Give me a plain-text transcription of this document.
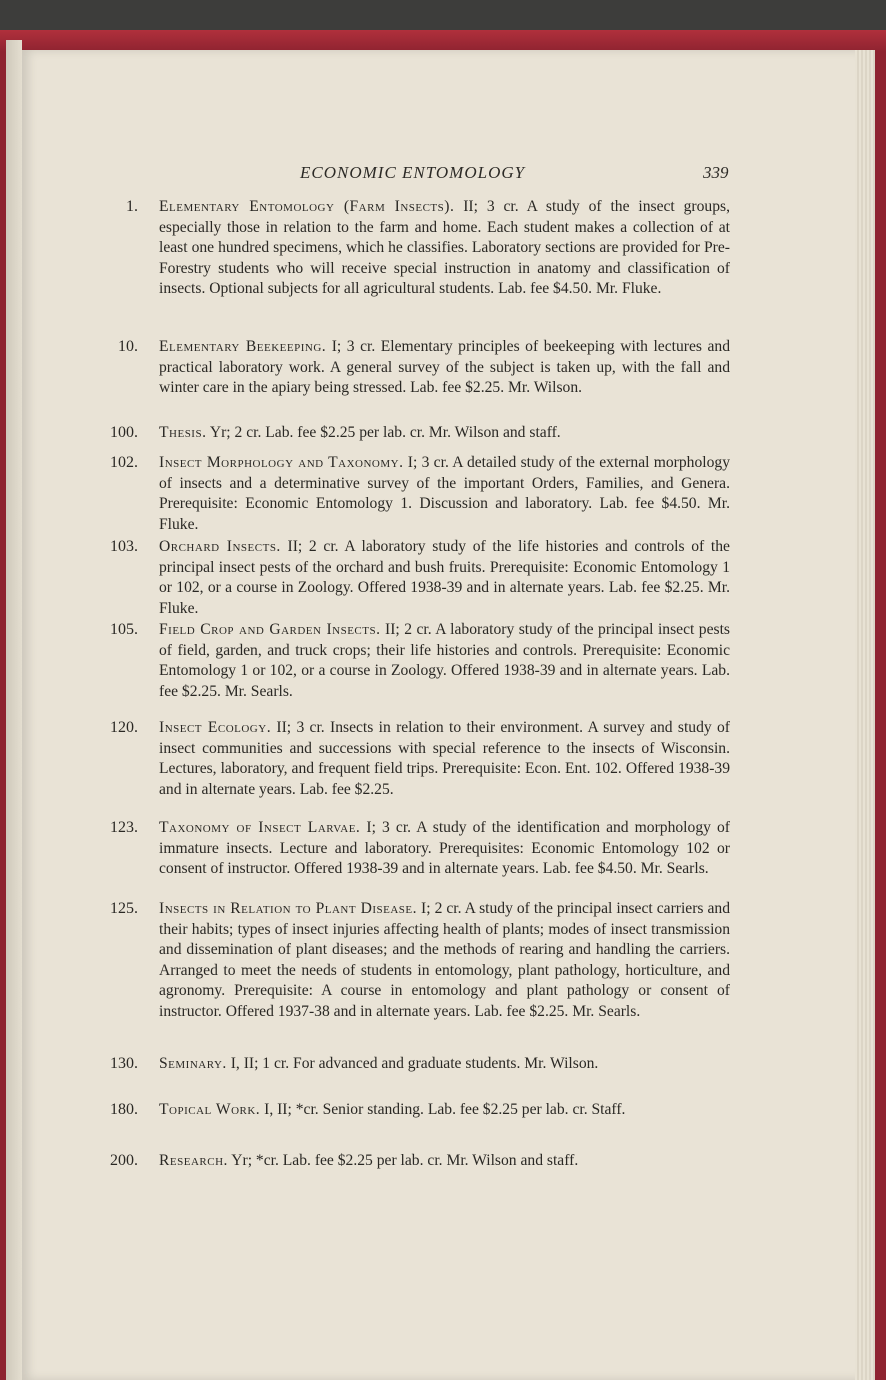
ECONOMIC ENTOMOLOGY	339
1. Elementary Entomology (Farm Insects). II; 3 cr. A study of the insect groups, especially those in relation to the farm and home. Each student makes a collection of at least one hundred specimens, which he classifies. Laboratory sections are provided for Pre-Forestry students who will receive special instruction in anatomy and classification of insects. Optional subjects for all agricultural students. Lab. fee $4.50. Mr. Fluke.
10. Elementary Beekeeping. I; 3 cr. Elementary principles of beekeeping with lectures and practical laboratory work. A general survey of the subject is taken up, with the fall and winter care in the apiary being stressed. Lab. fee $2.25. Mr. Wilson.
100. Thesis. Yr; 2 cr. Lab. fee $2.25 per lab. cr. Mr. Wilson and staff.
102. Insect Morphology and Taxonomy. I; 3 cr. A detailed study of the external morphology of insects and a determinative survey of the important Orders, Families, and Genera. Prerequisite: Economic Entomology 1. Discussion and laboratory. Lab. fee $4.50. Mr. Fluke.
103. Orchard Insects. II; 2 cr. A laboratory study of the life histories and controls of the principal insect pests of the orchard and bush fruits. Prerequisite: Economic Entomology 1 or 102, or a course in Zoology. Offered 1938-39 and in alternate years. Lab. fee $2.25. Mr. Fluke.
105. Field Crop and Garden Insects. II; 2 cr. A laboratory study of the principal insect pests of field, garden, and truck crops; their life histories and controls. Prerequisite: Economic Entomology 1 or 102, or a course in Zoology. Offered 1938-39 and in alternate years. Lab. fee $2.25. Mr. Searls.
120. Insect Ecology. II; 3 cr. Insects in relation to their environment. A survey and study of insect communities and successions with special reference to the insects of Wisconsin. Lectures, laboratory, and frequent field trips. Prerequisite: Econ. Ent. 102. Offered 1938-39 and in alternate years. Lab. fee $2.25.
123. Taxonomy of Insect Larvae. I; 3 cr. A study of the identification and morphology of immature insects. Lecture and laboratory. Prerequisites: Economic Entomology 102 or consent of instructor. Offered 1938-39 and in alternate years. Lab. fee $4.50. Mr. Searls.
125. Insects in Relation to Plant Disease. I; 2 cr. A study of the principal insect carriers and their habits; types of insect injuries affecting health of plants; modes of insect transmission and dissemination of plant diseases; and the methods of rearing and handling the carriers. Arranged to meet the needs of students in entomology, plant pathology, horticulture, and agronomy. Prerequisite: A course in entomology and plant pathology or consent of instructor. Offered 1937-38 and in alternate years. Lab. fee $2.25. Mr. Searls.
130. Seminary. I, II; 1 cr. For advanced and graduate students. Mr. Wilson.
180. Topical Work. I, II; *cr. Senior standing. Lab. fee $2.25 per lab. cr. Staff.
200. Research. Yr; *cr. Lab. fee $2.25 per lab. cr. Mr. Wilson and staff.
